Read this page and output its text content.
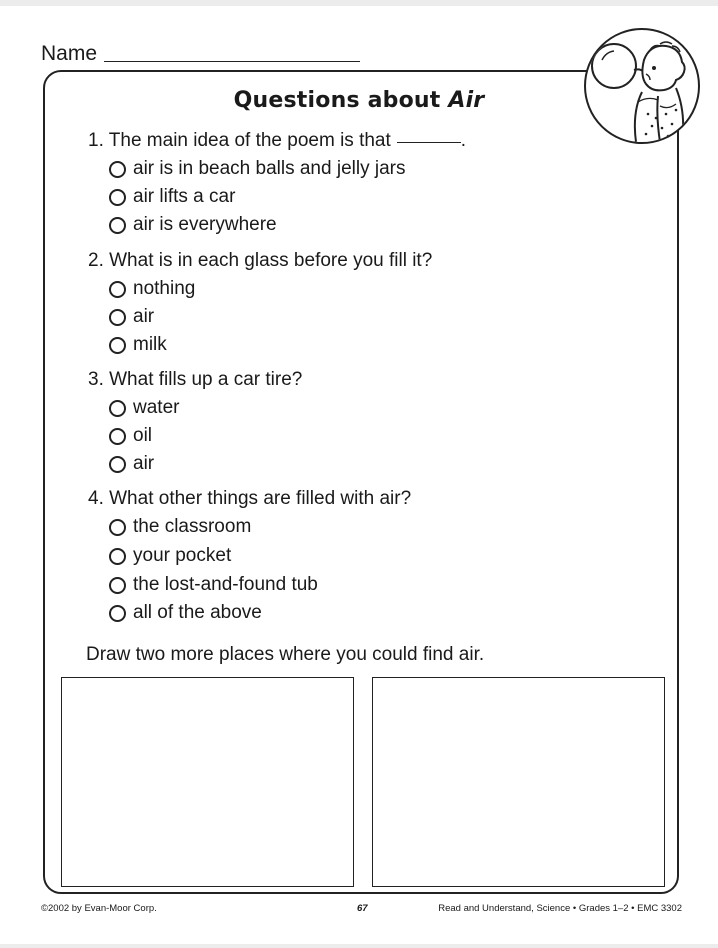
Name
Questions about Air
1. The main idea of the poem is that	.
air is in beach balls and jelly jars
air lifts a car
air is everywhere
2. What is in each glass before you fill it?
nothing
air
milk
3. What fills up a car tire?
water
oil
air
4. What other things are filled with air?
the classroom
your pocket
the lost-and-found tub
all of the above
Draw two more places where you could find air.
©2002 by Evan-Moor Corp.	67	Read and Understand, Science • Grades 1–2 • EMC 3302
